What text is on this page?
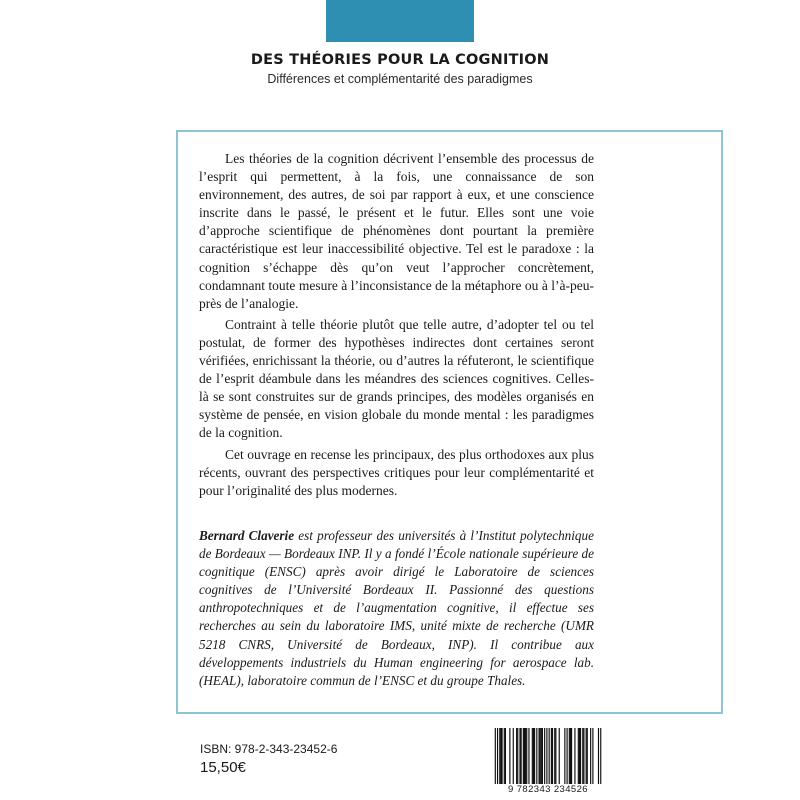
DES THÉORIES POUR LA COGNITION
Différences et complémentarité des paradigmes

Les théories de la cognition décrivent l’ensemble des processus de l’esprit qui permettent, à la fois, une connaissance de son environnement, des autres, de soi par rapport à eux, et une conscience inscrite dans le passé, le présent et le futur. Elles sont une voie d’approche scientifique de phénomènes dont pourtant la première caractéristique est leur inaccessibilité objective. Tel est le paradoxe : la cognition s’échappe dès qu’on veut l’approcher concrètement, condamnant toute mesure à l’inconsistance de la métaphore ou à l’à-peu-près de l’analogie.

Contraint à telle théorie plutôt que telle autre, d’adopter tel ou tel postulat, de former des hypothèses indirectes dont certaines seront vérifiées, enrichissant la théorie, ou d’autres la réfuteront, le scientifique de l’esprit déambule dans les méandres des sciences cognitives. Celles-là se sont construites sur de grands principes, des modèles organisés en système de pensée, en vision globale du monde mental : les paradigmes de la cognition.

Cet ouvrage en recense les principaux, des plus orthodoxes aux plus récents, ouvrant des perspectives critiques pour leur complémentarité et pour l’originalité des plus modernes.

Bernard Claverie est professeur des universités à l’Institut polytechnique de Bordeaux — Bordeaux INP. Il y a fondé l’École nationale supérieure de cognitique (ENSC) après avoir dirigé le Laboratoire de sciences cognitives de l’Université Bordeaux II. Passionné des questions anthropotechniques et de l’augmentation cognitive, il effectue ses recherches au sein du laboratoire IMS, unité mixte de recherche (UMR 5218 CNRS, Université de Bordeaux, INP). Il contribue aux développements industriels du Human engineering for aerospace lab. (HEAL), laboratoire commun de l’ENSC et du groupe Thales.

ISBN: 978-2-343-23452-6
15,50€
9 782343 234526
